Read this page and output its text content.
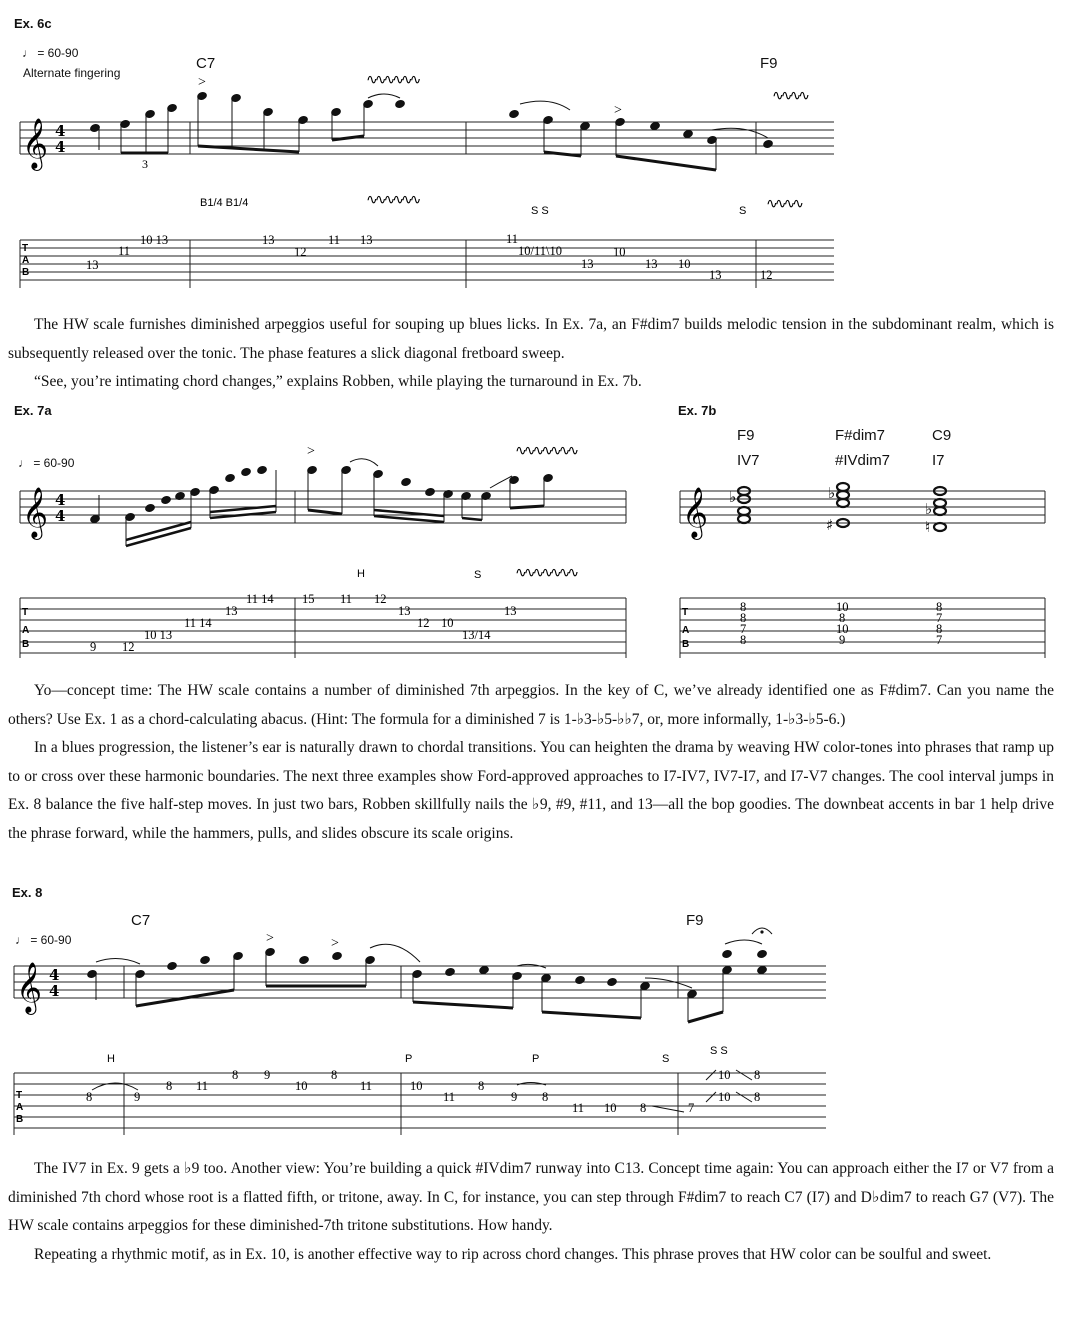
Ex. 6c
♩ = 60-90
Alternate fingering
C7	F9
𝄞 4
4
3
>
>
∿∿∿∿∿∿
∿∿∿∿
B1/4 B1/4
S S	S
∿∿∿∿∿∿	∿∿∿∿
T
A
B
13
11
10 13	13
12
11 13	11
10/11\10
13
10
13 10
13	12

The HW scale furnishes diminished arpeggios useful for souping up blues licks. In Ex. 7a, an F#dim7 builds melodic tension in the subdominant realm, which is subsequently released over the tonic. The phase features a slick diagonal fretboard sweep.

“See, you’re intimating chord changes,” explains Robben, while playing the turnaround in Ex. 7b.

Ex. 7a
♩ = 60-90
𝄞 4
4
>	∿∿∿∿∿∿∿
H	S ∿∿∿∿∿∿∿
T
A
B	9 12
10 13
11 14
13
11 14 15 11 12
13
12 10
13/14
13
Ex. 7b
F9	F#dim7	C9
IV7	#IVdim7	I7
𝄞 ♭	♭
♯
♭
♮
T
A
B
8
8
7
8
10
8
10
9
8
7
8
7

Yo—concept time: The HW scale contains a number of diminished 7th arpeggios. In the key of C, we’ve already identified one as F#dim7. Can you name the others? Use Ex. 1 as a chord-calculating abacus. (Hint: The formula for a diminished 7 is 1-♭3-♭5-♭♭7, or, more informally, 1-♭3-♭5-6.)

In a blues progression, the listener’s ear is naturally drawn to chordal transitions. You can heighten the drama by weaving HW color-tones into phrases that ramp up to or cross over these harmonic boundaries. The next three examples show Ford-approved approaches to I7-IV7, IV7-I7, and I7-V7 changes. The cool interval jumps in Ex. 8 balance the five half-step moves. In just two bars, Robben skillfully nails the ♭9, #9, #11, and 13—all the bop goodies. The downbeat accents in bar 1 help drive the phrase forward, while the hammers, pulls, and slides obscure its scale origins.

Ex. 8
C7	F9
♩ = 60-90
𝄞 4
4
>	>
H	P	P	S
S S
T
A
B
8	9
8 11
8 9
10
8
11	10
11
8
9 8
11 10 8	7
10 8
10 8

The IV7 in Ex. 9 gets a ♭9 too. Another view: You’re building a quick #IVdim7 runway into C13. Concept time again: You can approach either the I7 or V7 from a diminished 7th chord whose root is a flatted fifth, or tritone, away. In C, for instance, you can step through F#dim7 to reach C7 (I7) and D♭dim7 to reach G7 (V7). The HW scale contains arpeggios for these diminished-7th tritone substitutions. How handy.

Repeating a rhythmic motif, as in Ex. 10, is another effective way to rip across chord changes. This phrase proves that HW color can be soulful and sweet.
